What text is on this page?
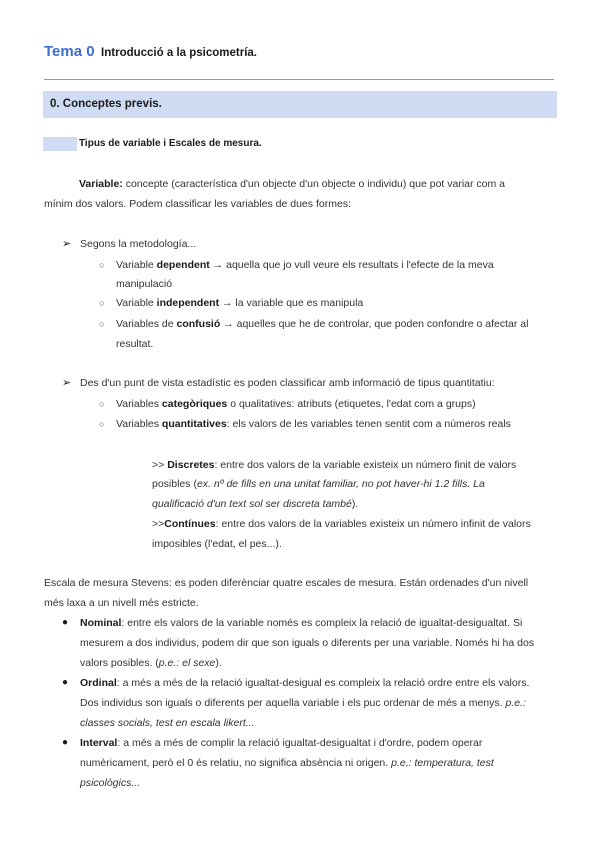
Tema 0 Introducció a la psicometría.
0. Conceptes previs.
Tipus de variable i Escales de mesura.
Variable: concepte (característica d'un objecte d'un objecte o individu) que pot variar com a
mínim dos valors. Podem classificar les variables de dues formes:
➢ Segons la metodología...
○ Variable dependent → aquella que jo vull veure els resultats i l'efecte de la meva
manipulació
○ Variable independent → la variable que es manipula
○ Variables de confusió → aquelles que he de controlar, que poden confondre o afectar al
resultat.
➢ Des d'un punt de vista estadístic es poden classificar amb informació de tipus quantitatiu:
○ Variables categòriques o qualitatives: atributs (etiquetes, l'edat com a grups)
○ Variables quantitatives: els valors de les variables tenen sentit com a números reals
>> Discretes: entre dos valors de la variable existeix un número finit de valors
posibles (ex. nº de fills en una unitat familiar, no pot haver-hi 1.2 fills. La
qualificació d'un text sol ser discreta també).
>>Contínues: entre dos valors de la variables existeix un número infinit de valors
imposibles (l'edat, el pes...).
Escala de mesura Stevens: es poden diferènciar quatre escales de mesura. Están ordenades d'un nivell
més laxa a un nivell més estricte.
● Nominal: entre els valors de la variable només es compleix la relació de igualtat-desigualtat. Si
mesurem a dos individus, podem dir que son iguals o diferents per una variable. Només hi ha dos
valors posibles. (p.e.: el sexe).
● Ordinal: a més a més de la relació igualtat-desigual es compleix la relació ordre entre els valors.
Dos individus son iguals o diferents per aquella variable i els puc ordenar de més a menys. p.e.:
classes socials, test en escala likert...
● Interval: a més a més de complir la relació igualtat-desigualtat i d'ordre, podem operar
numèricament, però el 0 és relatiu, no significa absència ni origen. p.e.: temperatura, test
psicològics...
